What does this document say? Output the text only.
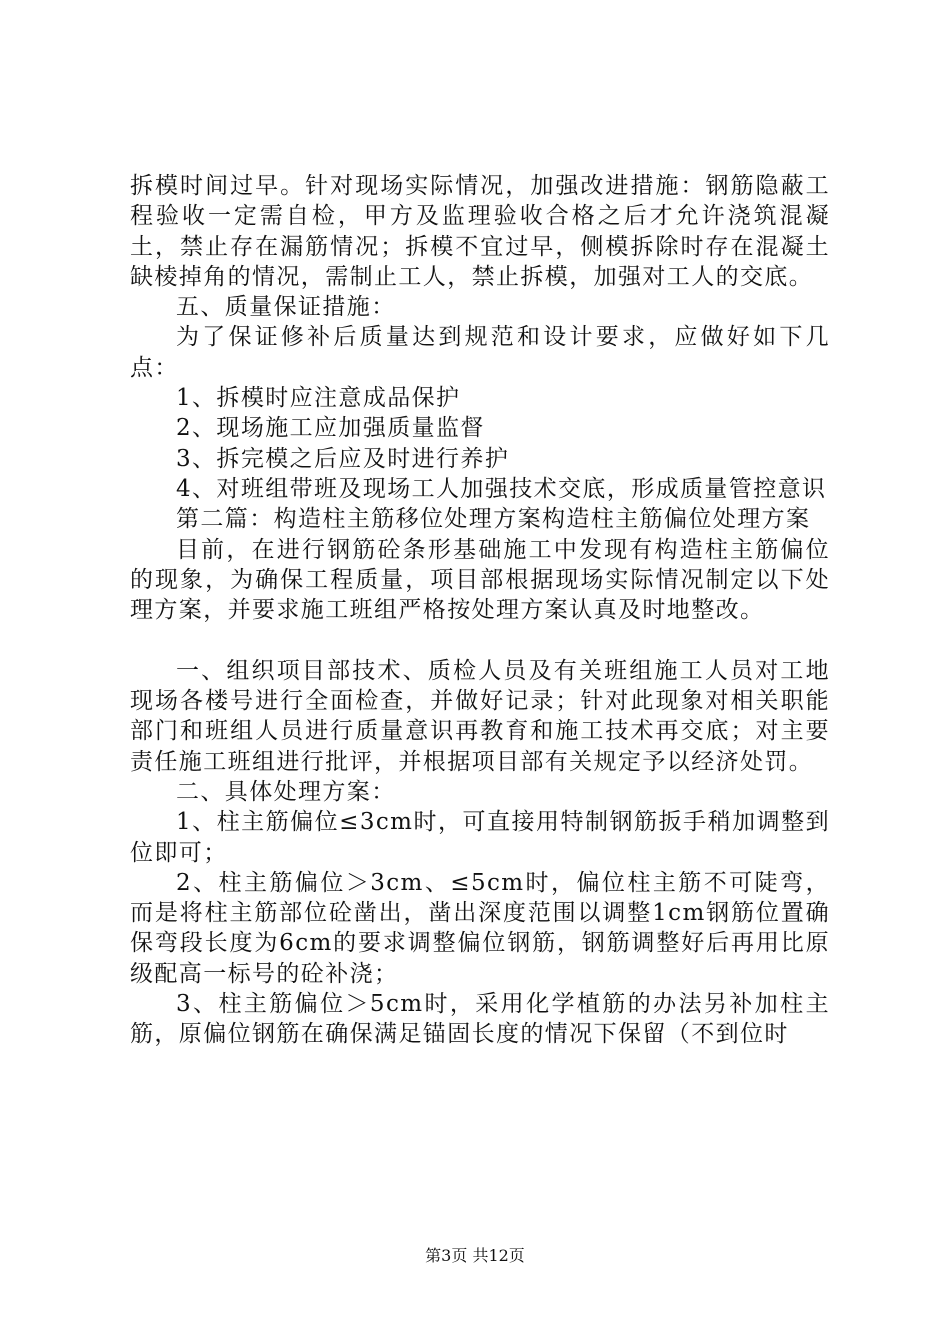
拆模时间过早。针对现场实际情况，加强改进措施：钢筋隐蔽工程验收一定需自检，甲方及监理验收合格之后才允许浇筑混凝土，禁止存在漏筋情况；拆模不宜过早，侧模拆除时存在混凝土缺棱掉角的情况，需制止工人，禁止拆模，加强对工人的交底。

五、质量保证措施：

为了保证修补后质量达到规范和设计要求，应做好如下几点：

1、拆模时应注意成品保护

2、现场施工应加强质量监督

3、拆完模之后应及时进行养护

4、对班组带班及现场工人加强技术交底，形成质量管控意识

第二篇：构造柱主筋移位处理方案构造柱主筋偏位处理方案

目前，在进行钢筋砼条形基础施工中发现有构造柱主筋偏位的现象，为确保工程质量，项目部根据现场实际情况制定以下处理方案，并要求施工班组严格按处理方案认真及时地整改。

一、组织项目部技术、质检人员及有关班组施工人员对工地现场各楼号进行全面检查，并做好记录；针对此现象对相关职能部门和班组人员进行质量意识再教育和施工技术再交底；对主要责任施工班组进行批评，并根据项目部有关规定予以经济处罚。

二、具体处理方案：

1、柱主筋偏位≤3cm时，可直接用特制钢筋扳手稍加调整到位即可；

2、柱主筋偏位＞3cm、≤5cm时，偏位柱主筋不可陡弯，而是将柱主筋部位砼凿出，凿出深度范围以调整1cm钢筋位置确保弯段长度为6cm的要求调整偏位钢筋，钢筋调整好后再用比原级配高一标号的砼补浇；

3、柱主筋偏位＞5cm时，采用化学植筋的办法另补加柱主筋，原偏位钢筋在确保满足锚固长度的情况下保留（不到位时

第3页 共12页
